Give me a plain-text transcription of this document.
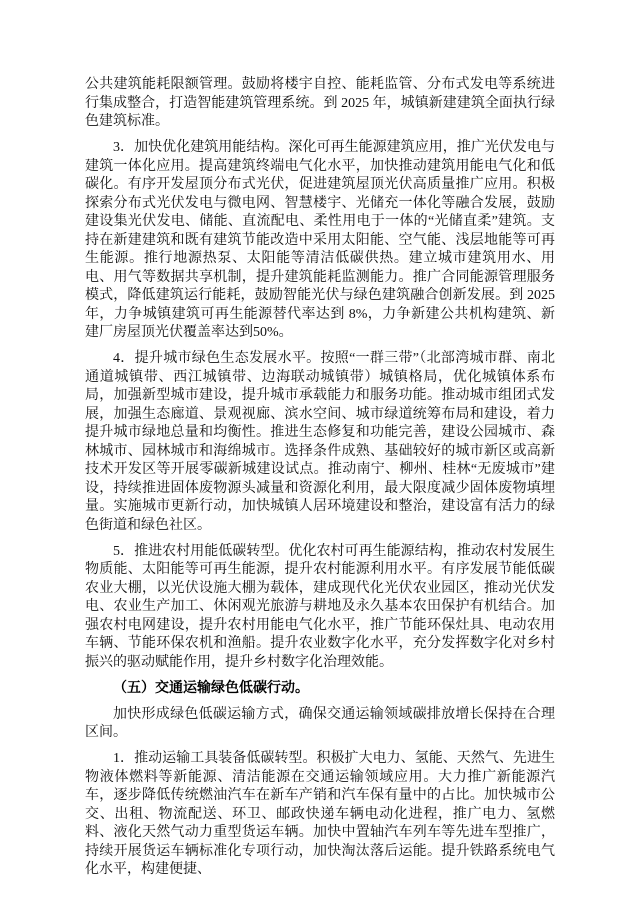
公共建筑能耗限额管理。鼓励将楼宇自控、能耗监管、分布式发电等系统进行集成整合，打造智能建筑管理系统。到 2025 年，城镇新建建筑全面执行绿色建筑标准。

3．加快优化建筑用能结构。深化可再生能源建筑应用，推广光伏发电与建筑一体化应用。提高建筑终端电气化水平，加快推动建筑用能电气化和低碳化。有序开发屋顶分布式光伏，促进建筑屋顶光伏高质量推广应用。积极探索分布式光伏发电与微电网、智慧楼宇、光储充一体化等融合发展，鼓励建设集光伏发电、储能、直流配电、柔性用电于一体的“光储直柔”建筑。支持在新建建筑和既有建筑节能改造中采用太阳能、空气能、浅层地能等可再生能源。推行地源热泵、太阳能等清洁低碳供热。建立城市建筑用水、用电、用气等数据共享机制，提升建筑能耗监测能力。推广合同能源管理服务模式，降低建筑运行能耗，鼓励智能光伏与绿色建筑融合创新发展。到 2025 年，力争城镇建筑可再生能源替代率达到 8%，力争新建公共机构建筑、新建厂房屋顶光伏覆盖率达到50%。

4．提升城市绿色生态发展水平。按照“一群三带”（北部湾城市群、南北通道城镇带、西江城镇带、边海联动城镇带）城镇格局，优化城镇体系布局，加强新型城市建设，提升城市承载能力和服务功能。推动城市组团式发展，加强生态廊道、景观视廊、滨水空间、城市绿道统筹布局和建设，着力提升城市绿地总量和均衡性。推进生态修复和功能完善，建设公园城市、森林城市、园林城市和海绵城市。选择条件成熟、基础较好的城市新区或高新技术开发区等开展零碳新城建设试点。推动南宁、柳州、桂林“无废城市”建设，持续推进固体废物源头减量和资源化利用，最大限度减少固体废物填埋量。实施城市更新行动，加快城镇人居环境建设和整治，建设富有活力的绿色街道和绿色社区。

5．推进农村用能低碳转型。优化农村可再生能源结构，推动农村发展生物质能、太阳能等可再生能源，提升农村能源利用水平。有序发展节能低碳农业大棚，以光伏设施大棚为载体，建成现代化光伏农业园区，推动光伏发电、农业生产加工、休闲观光旅游与耕地及永久基本农田保护有机结合。加强农村电网建设，提升农村用能电气化水平，推广节能环保灶具、电动农用车辆、节能环保农机和渔船。提升农业数字化水平，充分发挥数字化对乡村振兴的驱动赋能作用，提升乡村数字化治理效能。

（五）交通运输绿色低碳行动。

加快形成绿色低碳运输方式，确保交通运输领域碳排放增长保持在合理区间。

1．推动运输工具装备低碳转型。积极扩大电力、氢能、天然气、先进生物液体燃料等新能源、清洁能源在交通运输领域应用。大力推广新能源汽车，逐步降低传统燃油汽车在新车产销和汽车保有量中的占比。加快城市公交、出租、物流配送、环卫、邮政快递车辆电动化进程，推广电力、氢燃料、液化天然气动力重型货运车辆。加快中置轴汽车列车等先进车型推广，持续开展货运车辆标准化专项行动，加快淘汰落后运能。提升铁路系统电气化水平，构建便捷、
